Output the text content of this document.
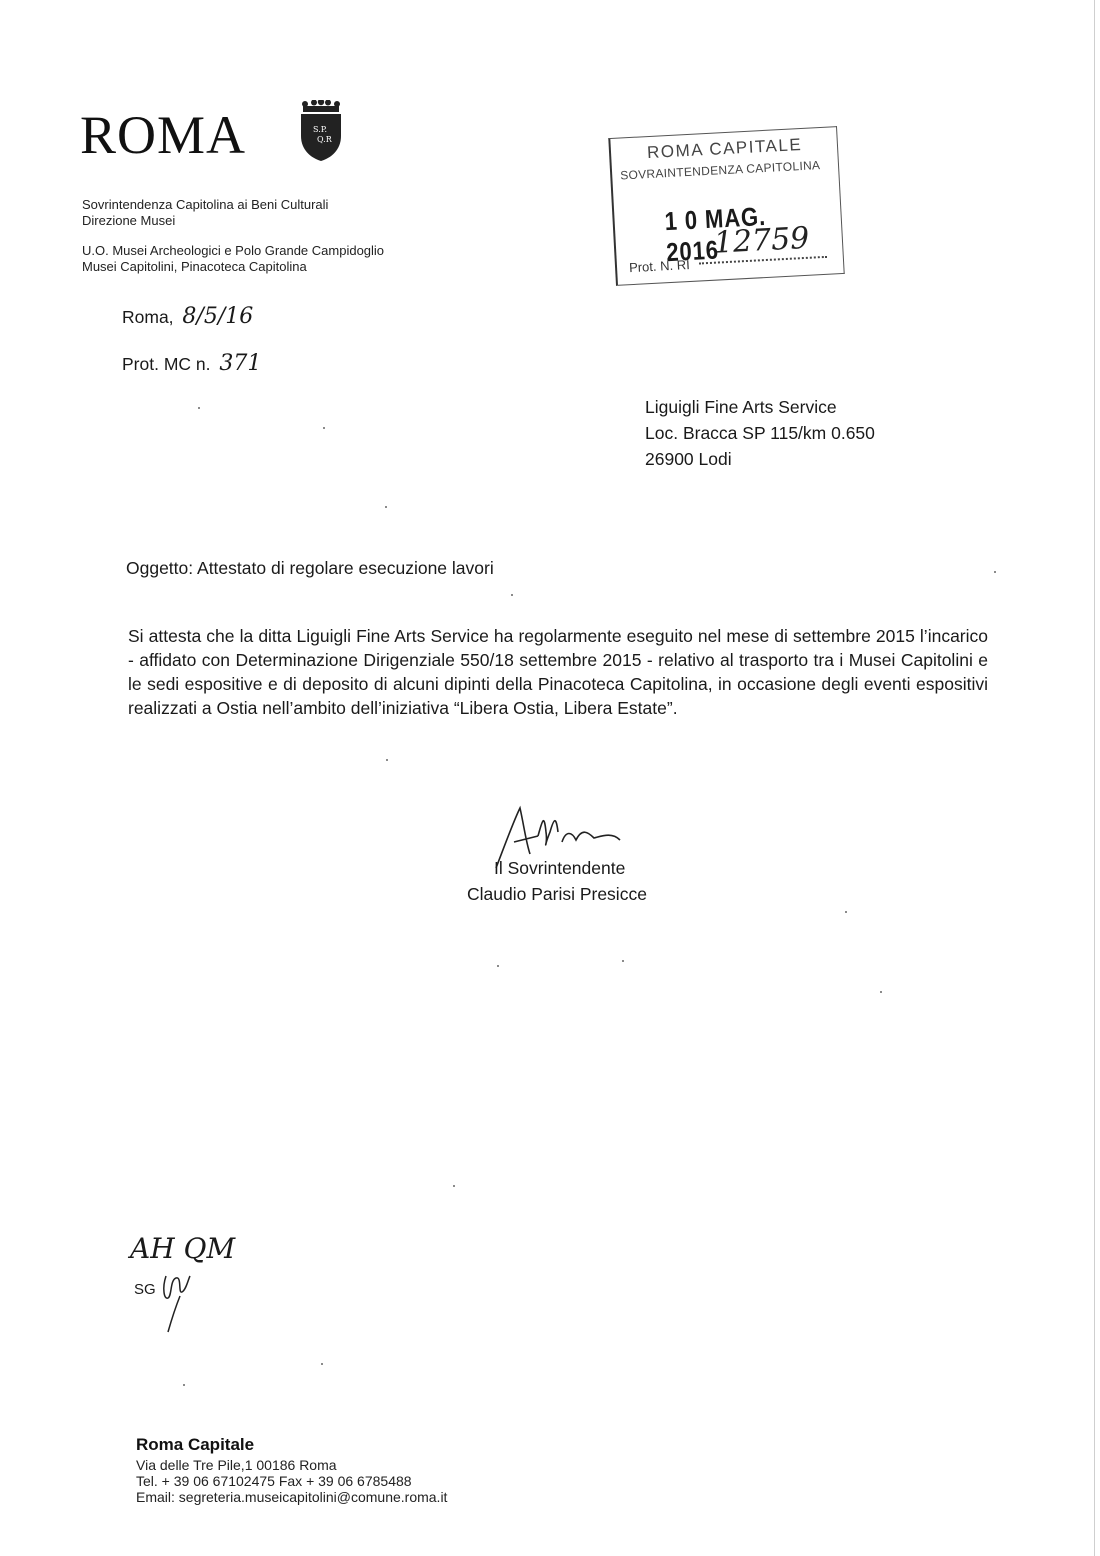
ROMA	S.P.
Q.R
Sovrintendenza Capitolina ai Beni Culturali
Direzione Musei
U.O. Musei Archeologici e Polo Grande Campidoglio
Musei Capitolini, Pinacoteca Capitolina
ROMA CAPITALE
SOVRAINTENDENZA CAPITOLINA
1 0 MAG. 2016
12759
Prot. N. RI
Roma, 8/5/16
Prot. MC n. 371
Liguigli Fine Arts Service
Loc. Bracca SP 115/km 0.650
26900 Lodi
Oggetto: Attestato di regolare esecuzione lavori
Si attesta che la ditta Liguigli Fine Arts Service ha regolarmente eseguito nel mese di settembre 2015 l’incarico - affidato con Determinazione Dirigenziale 550/18 settembre 2015 - relativo al trasporto tra i Musei Capitolini e le sedi espositive e di deposito di alcuni dipinti della Pinacoteca Capitolina, in occasione degli eventi espositivi realizzati a Ostia nell’ambito dell’iniziativa “Libera Ostia, Libera Estate”.
Il Sovrintendente
Claudio Parisi Presicce
AH QM
SG
Roma Capitale
Via delle Tre Pile,1 00186 Roma
Tel. + 39 06 67102475 Fax + 39 06 6785488
Email: segreteria.museicapitolini@comune.roma.it
